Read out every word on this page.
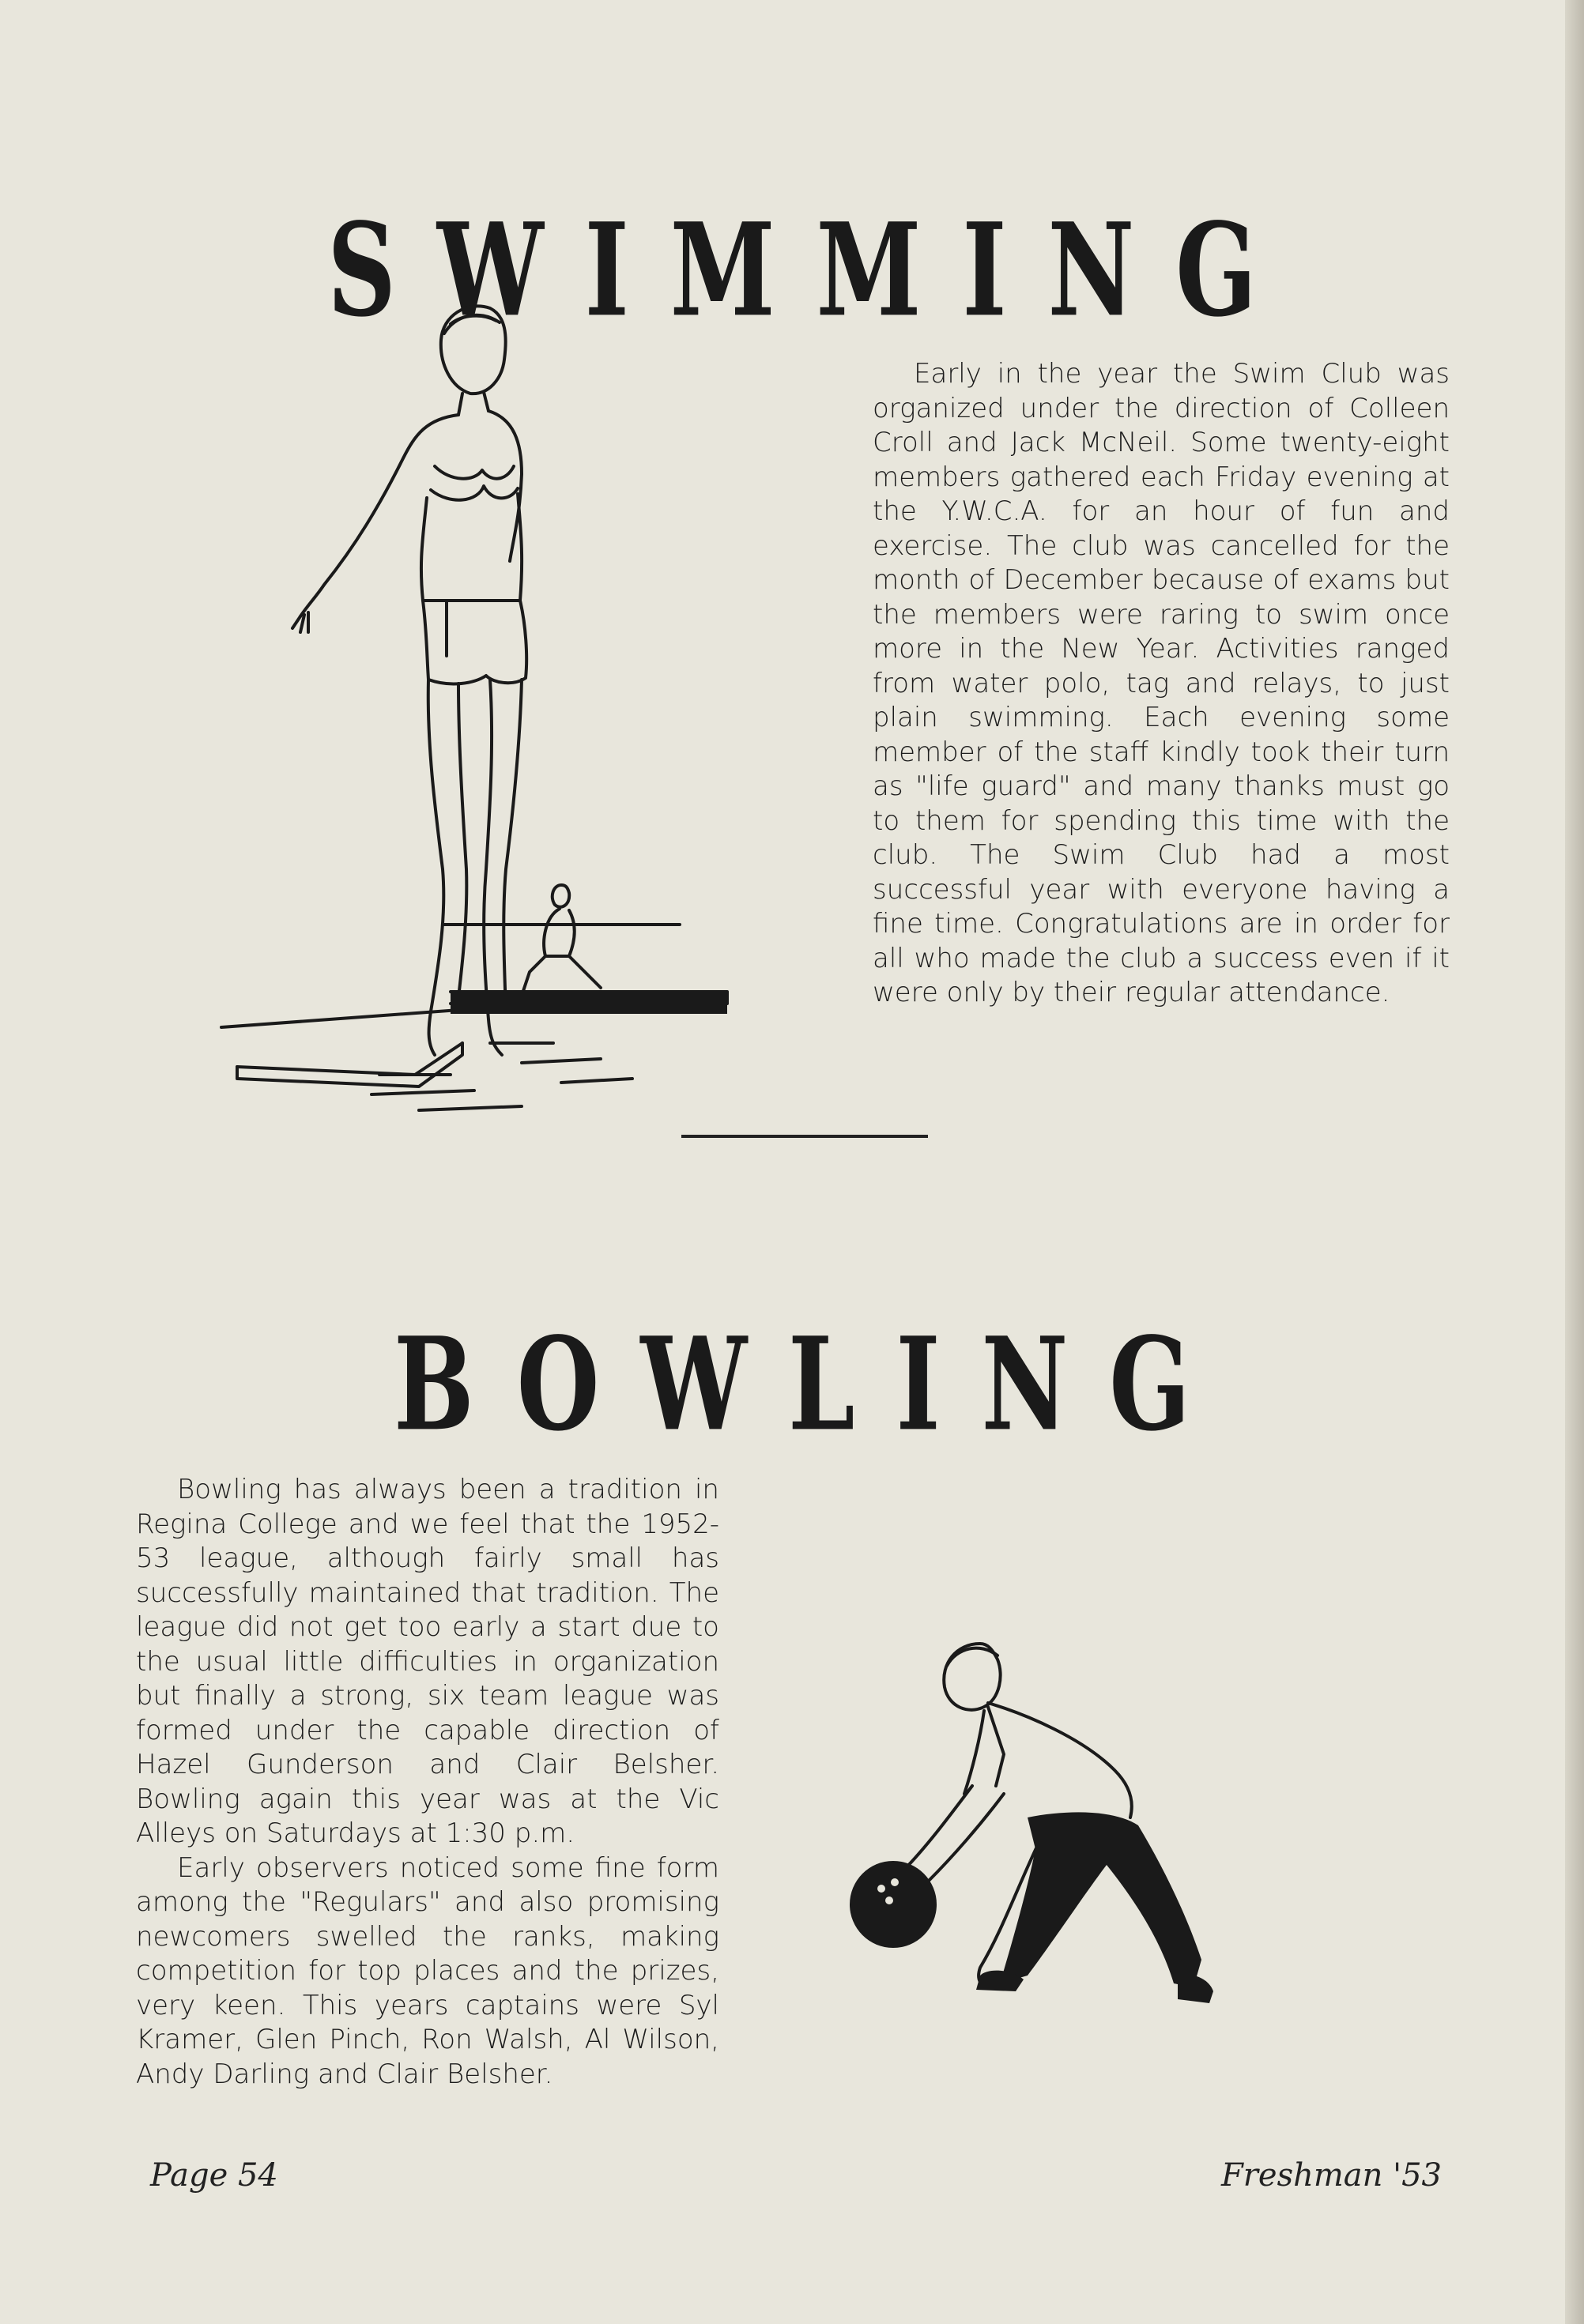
SWIMMING

Early in the year the Swim Club was organized under the direction of Colleen Croll and Jack McNeil. Some twenty-eight members gathered each Friday evening at the Y.W.C.A. for an hour of fun and exercise. The club was cancelled for the month of December because of exams but the members were raring to swim once more in the New Year. Activities ranged from water polo, tag and relays, to just plain swimming. Each evening some member of the staff kindly took their turn as "life guard" and many thanks must go to them for spending this time with the club. The Swim Club had a most successful year with everyone having a fine time. Congratulations are in order for all who made the club a success even if it were only by their regular attendance.

BOWLING

Bowling has always been a tradition in Regina College and we feel that the 1952-53 league, although fairly small has successfully maintained that tradition. The league did not get too early a start due to the usual little difficulties in organization but finally a strong, six team league was formed under the capable direction of Hazel Gunderson and Clair Belsher. Bowling again this year was at the Vic Alleys on Saturdays at 1:30 p.m.

Early observers noticed some fine form among the "Regulars" and also promising newcomers swelled the ranks, making competition for top places and the prizes, very keen. This years captains were Syl Kramer, Glen Pinch, Ron Walsh, Al Wilson, Andy Darling and Clair Belsher.

Page 54	Freshman '53
